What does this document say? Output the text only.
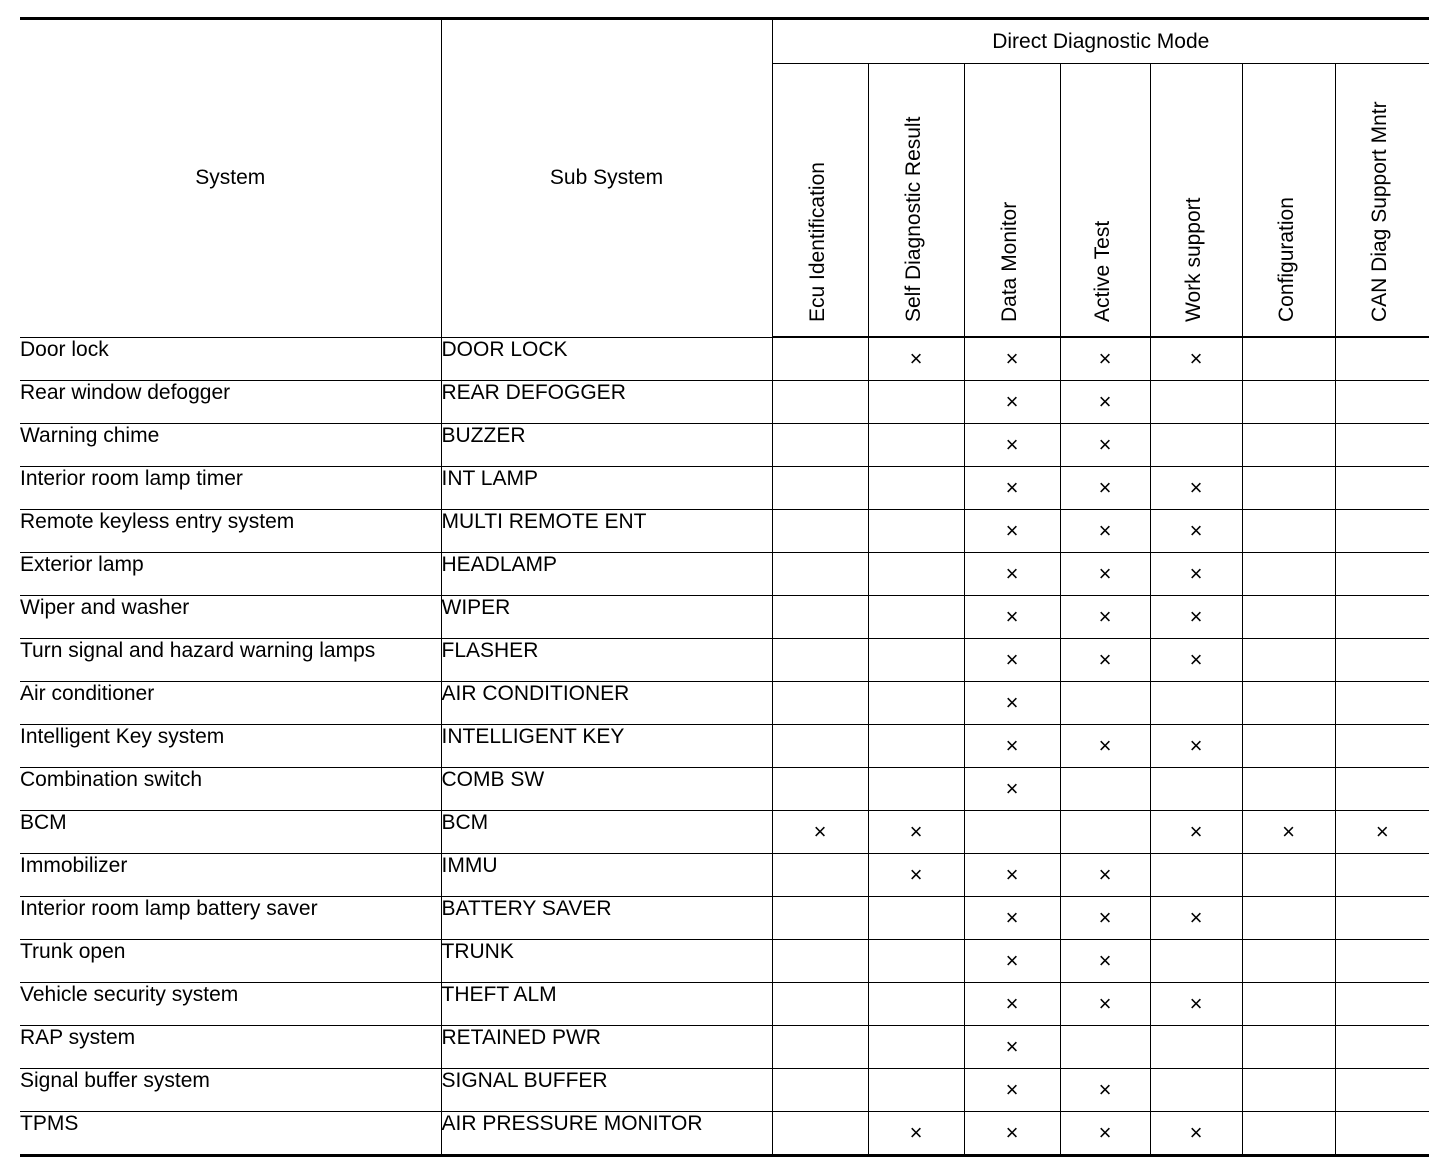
System	Sub System	Direct Diagnostic Mode						

		Ecu Identification	Self Diagnostic Result	Data Monitor	Active Test	Work support	Configuration	CAN Diag Support Mntr

Door lock	DOOR LOCK		×	×	×	×		
Rear window defogger	REAR DEFOGGER			×	×			
Warning chime	BUZZER			×	×			
Interior room lamp timer	INT LAMP			×	×	×		
Remote keyless entry system	MULTI REMOTE ENT			×	×	×		
Exterior lamp	HEADLAMP			×	×	×		
Wiper and washer	WIPER			×	×	×		
Turn signal and hazard warning lamps	FLASHER			×	×	×		
Air conditioner	AIR CONDITIONER			×				
Intelligent Key system	INTELLIGENT KEY			×	×	×		
Combination switch	COMB SW			×				
BCM	BCM	×	×			×	×	×
Immobilizer	IMMU		×	×	×			
Interior room lamp battery saver	BATTERY SAVER			×	×	×		
Trunk open	TRUNK			×	×			
Vehicle security system	THEFT ALM			×	×	×		
RAP system	RETAINED PWR			×				
Signal buffer system	SIGNAL BUFFER			×	×			
TPMS	AIR PRESSURE MONITOR		×	×	×	×		
